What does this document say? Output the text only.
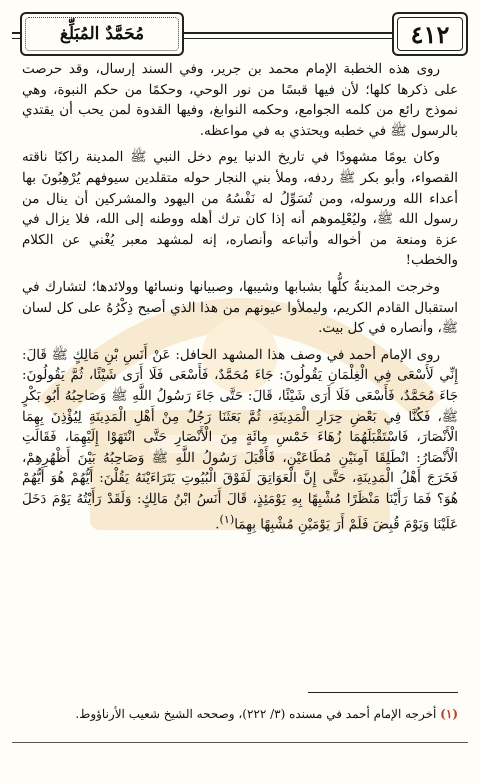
مُحَمَّدٌ المُبَلِّغ	٤١٢

روى هذه الخطبة الإمام محمد بن جرير، وفي السند إرسال، وقد حرصت على ذكرها كلها؛ لأن فيها قبسًا من نور الوحي، وحكمًا من حكم النبوة، وهي نموذج رائع من كلمه الجوامع، وحكمه النوابغ، وفيها القدوة لمن يحب أن يقتدي بالرسول ﷺ في خطبه ويحتذي به في مواعظه.

وكان يومًا مشهودًا في تاريخ الدنيا يوم دخل النبي ﷺ المدينة راكبًا ناقته القصواء، وأبو بكر ﷺ ردفه، وملأ بني النجار حوله متقلدين سيوفهم يُرْهِبُونَ بها أعداء الله ورسوله، ومن تُسَوِّلُ له نَفْسُهُ من اليهود والمشركين أن ينال من رسول الله ﷺ، وليُعْلِموهم أنه إذا كان ترك أهله ووطنه إلى الله، فلا يزال في عزة ومنعة من أخواله وأتباعه وأنصاره، إنه لمشهد معبر يُغْني عن الكلام والخطب!

وخرجت المدينةُ كلُّها بشبابها وشيبها، وصبيانها ونسائها وولائدها؛ لتشارك في استقبال القادم الكريم، وليملأوا عيونهم من هذا الذي أصبح ذِكْرُهُ على كل لسان ﷺ، وأنصاره في كل بيت.

روى الإمام أحمد في وصف هذا المشهد الحافل: عَنْ أَنَسِ بْنِ مَالِكٍ ﷺ قَالَ: إِنِّي لَأَسْعَى فِي الْغِلْمَانِ يَقُولُونَ: جَاءَ مُحَمَّدٌ، فَأَسْعَى فَلَا أَرَى شَيْئًا، ثُمَّ يَقُولُونَ: جَاءَ مُحَمَّدٌ، فَأَسْعَى فَلَا أَرَى شَيْئًا، قَالَ: حَتَّى جَاءَ رَسُولُ اللَّهِ ﷺ وَصَاحِبُهُ أَبُو بَكْرٍ ﷺ، فَكُنَّا فِي بَعْضِ حِرَارِ الْمَدِينَةِ، ثُمَّ بَعَثَنَا رَجُلٌ مِنْ أَهْلِ الْمَدِينَةِ لِيُؤْذِنَ بِهِمَا الْأَنْصَارَ، فَاسْتَقْبَلَهُمَا زُهَاءَ خَمْسِ مِائَةٍ مِنَ الْأَنْصَارِ حَتَّى انْتَهَوْا إِلَيْهِمَا، فَقَالَتِ الْأَنْصَارُ: انْطَلِقَا آمِنَيْنِ مُطَاعَيْنِ، فَأَقْبَلَ رَسُولُ اللَّهِ ﷺ وَصَاحِبُهُ بَيْنَ أَظْهُرِهِمْ، فَخَرَجَ أَهْلُ الْمَدِينَةِ، حَتَّى إِنَّ الْعَوَاتِقَ لَفَوْقَ الْبُيُوتِ يَتَرَاءَيْنَهُ يَقُلْنَ: أَيُّهُمْ هُوَ أَيُّهُمْ هُوَ؟ فَمَا رَأَيْنَا مَنْظَرًا مُشْبِهًا بِهِ يَوْمَئِذٍ، قَالَ أَنَسُ ابْنُ مَالِكٍ: وَلَقَدْ رَأَيْتُهُ يَوْمَ دَخَلَ عَلَيْنَا وَيَوْمَ قُبِضَ فَلَمْ أَرَ يَوْمَيْنِ مُشْبِهًا بِهِمَا$^{(١)}$.

(١) أخرجه الإمام أحمد في مسنده (٣/ ٢٢٢)، وصححه الشيخ شعيب الأرناؤوط.
